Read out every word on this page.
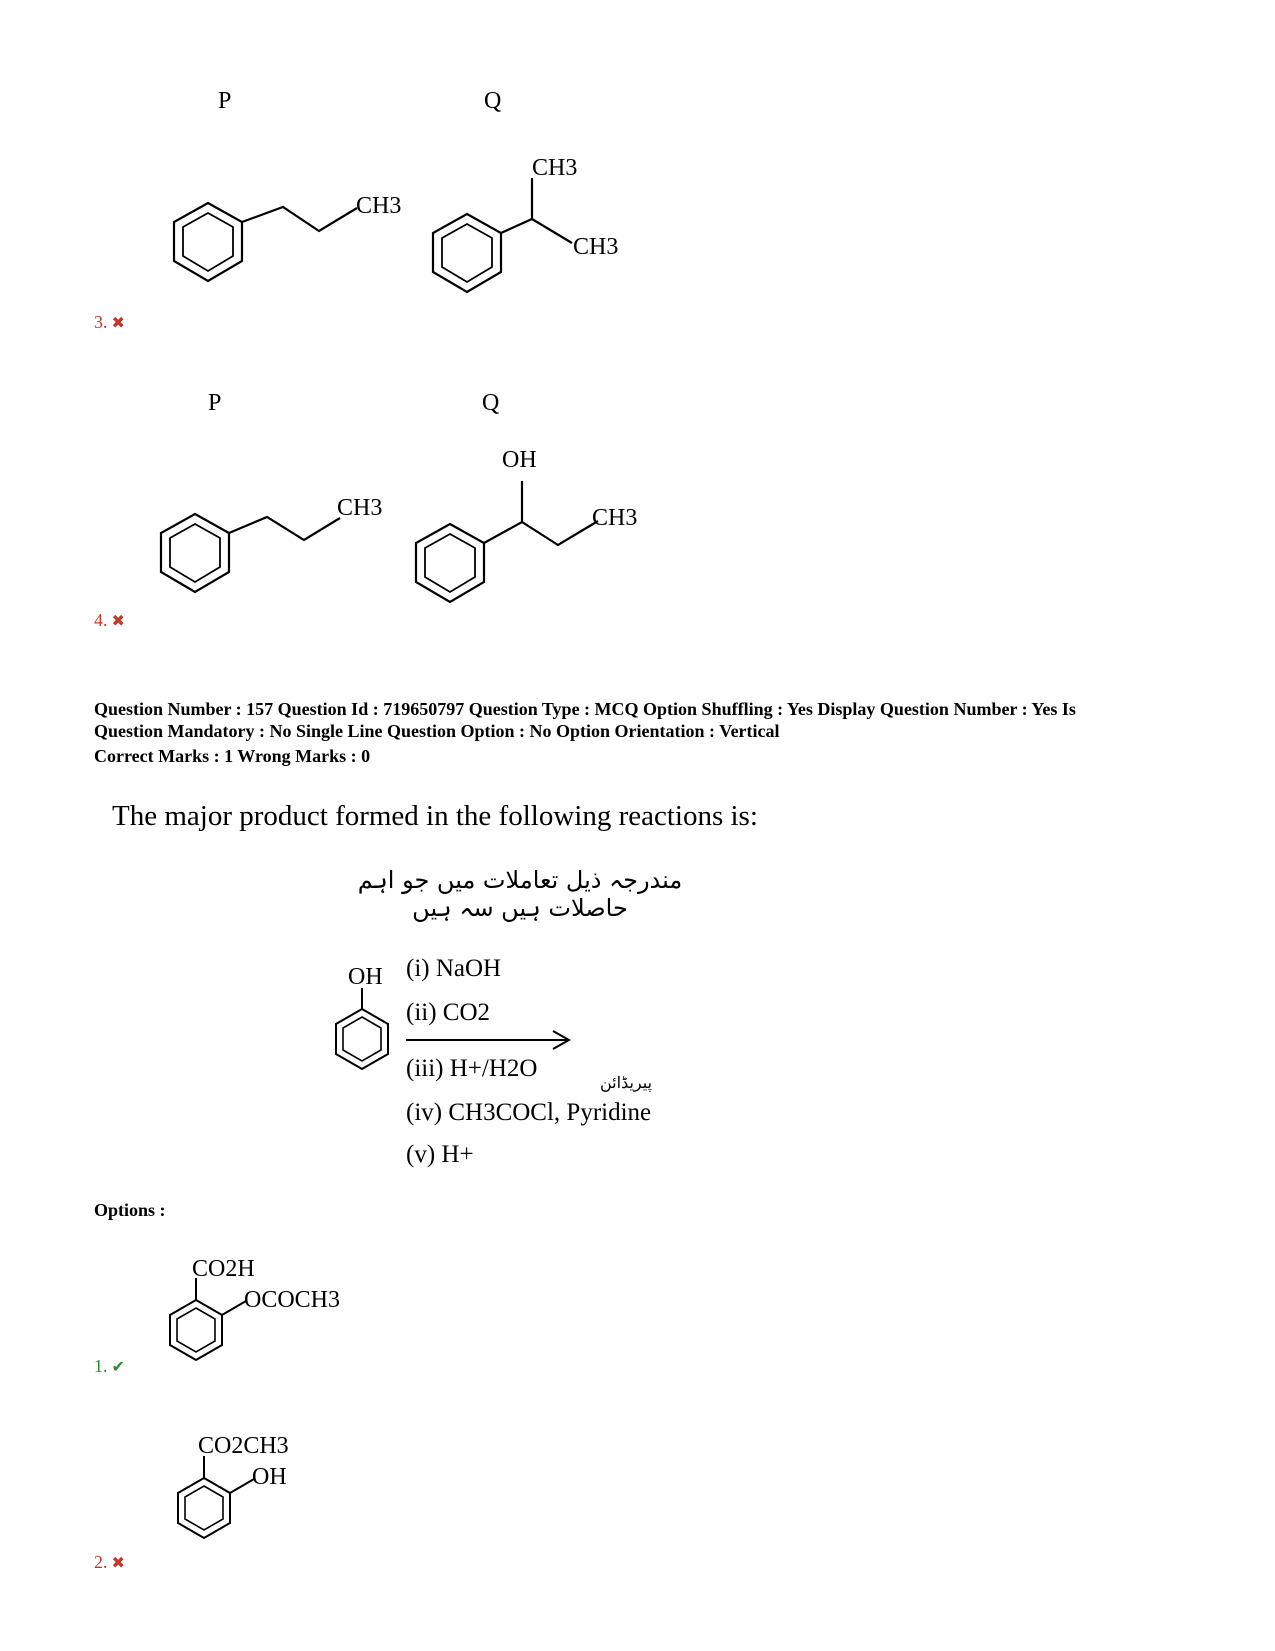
P	Q
CH3
CH3
CH3
3. ✖
P	Q
CH3
OH
CH3
4. ✖

Question Number : 157 Question Id : 719650797 Question Type : MCQ Option Shuffling : Yes Display Question Number : Yes Is

Question Mandatory : No Single Line Question Option : No Option Orientation : Vertical

Correct Marks : 1 Wrong Marks : 0

The major product formed in the following reactions is:
مندرجہ ذیل تعاملات میں جو اہم حاصلات ہیں سہ ہیں
OH (i) NaOH
(ii) CO2
(iii) H+/H2O
پیریڈائن
(iv) CH3COCl, Pyridine
(v) H+
Options :
CO2H
OCOCH3
1. ✔
CO2CH3
OH
2. ✖
